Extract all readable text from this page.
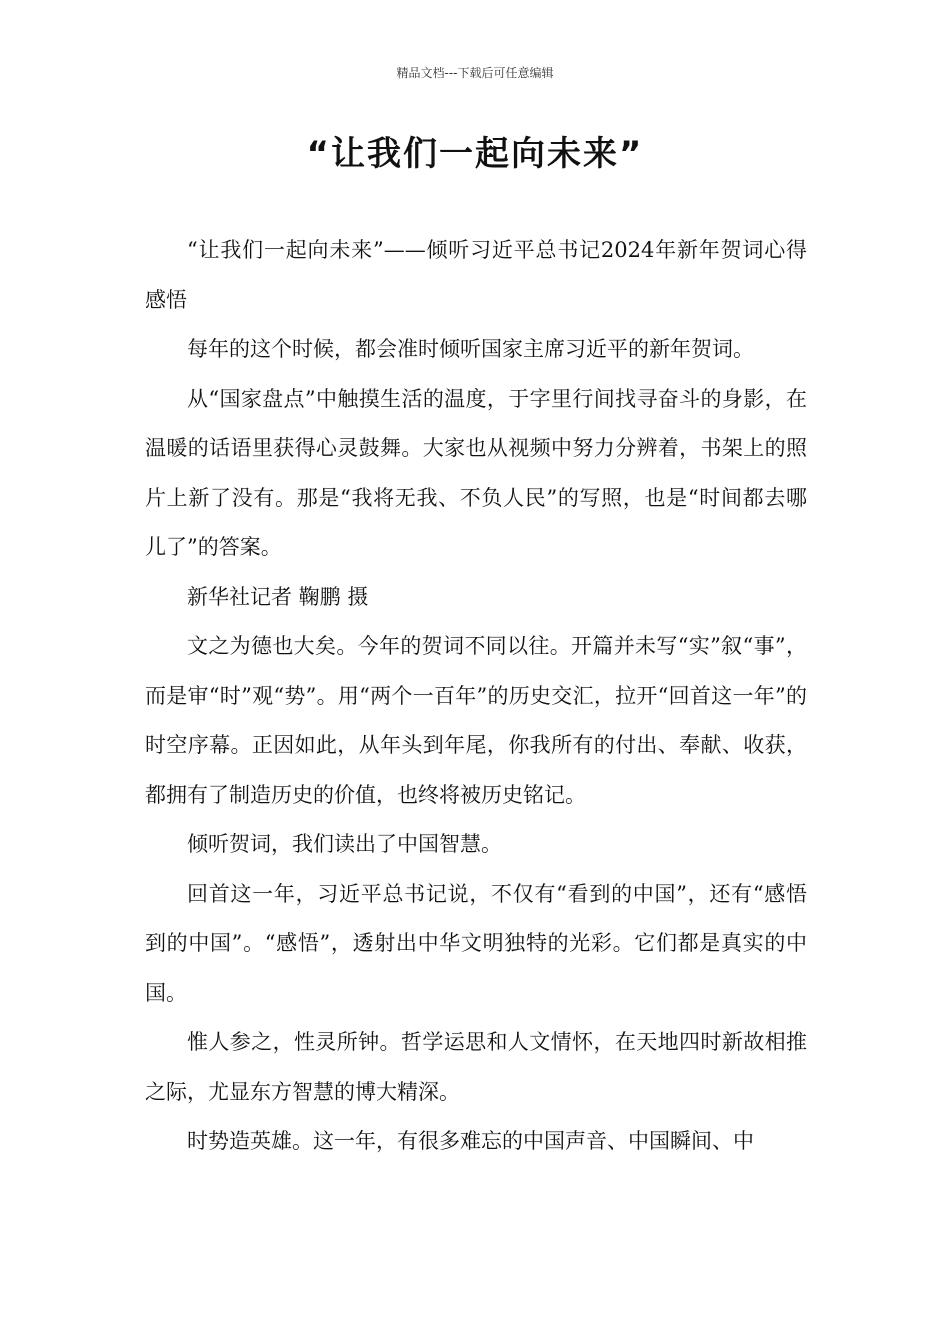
精品文档---下载后可任意编辑
“让我们一起向未来”

“让我们一起向未来”——倾听习近平总书记2024年新年贺词心得感悟

每年的这个时候，都会准时倾听国家主席习近平的新年贺词。

从“国家盘点”中触摸生活的温度，于字里行间找寻奋斗的身影，在温暖的话语里获得心灵鼓舞。大家也从视频中努力分辨着，书架上的照片上新了没有。那是“我将无我、不负人民”的写照，也是“时间都去哪儿了”的答案。

新华社记者 鞠鹏 摄

文之为德也大矣。今年的贺词不同以往。开篇并未写“实”叙“事”，而是审“时”观“势”。用“两个一百年”的历史交汇，拉开“回首这一年”的时空序幕。正因如此，从年头到年尾，你我所有的付出、奉献、收获，都拥有了制造历史的价值，也终将被历史铭记。

倾听贺词，我们读出了中国智慧。

回首这一年，习近平总书记说，不仅有“看到的中国”，还有“感悟到的中国”。“感悟”，透射出中华文明独特的光彩。它们都是真实的中国。

惟人参之，性灵所钟。哲学运思和人文情怀，在天地四时新故相推之际，尤显东方智慧的博大精深。

时势造英雄。这一年，有很多难忘的中国声音、中国瞬间、中
